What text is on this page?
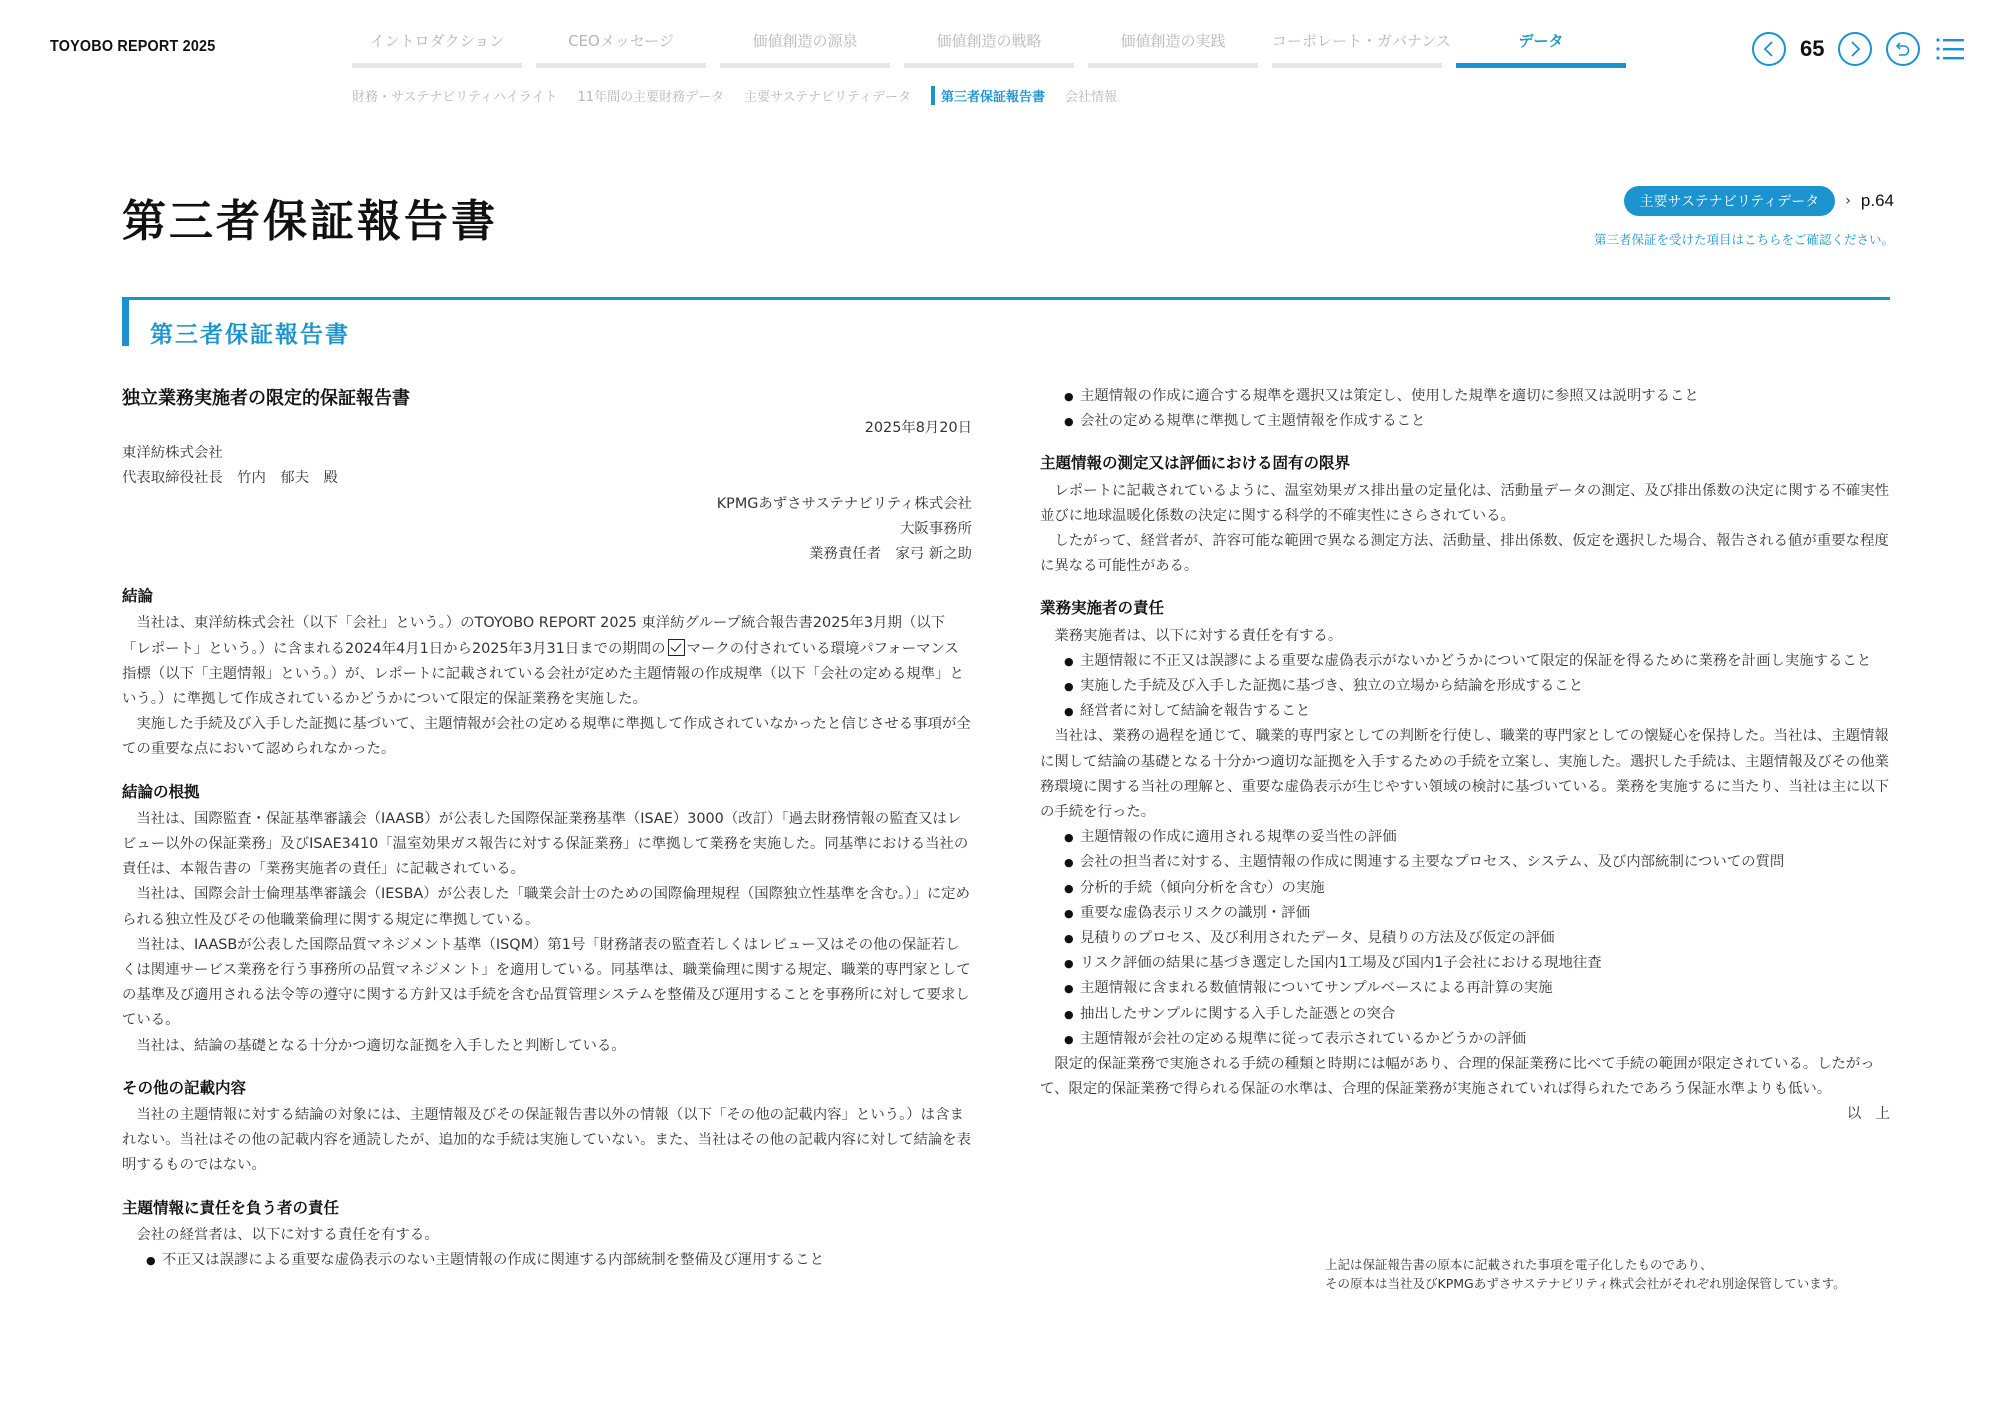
TOYOBO REPORT 2025	イントロダクション	CEOメッセージ	価値創造の源泉	価値創造の戦略	価値創造の実践	コーポレート・ガバナンス	データ
財務・サステナビリティハイライト 11年間の主要財務データ 主要サステナビリティデータ	第三者保証報告書 会社情報
65
第三者保証報告書	主要サステナビリティデータ	› p.64
第三者保証を受けた項目はこちらをご確認ください。
第三者保証報告書
独立業務実施者の限定的保証報告書
2025年8月20日
東洋紡株式会社
代表取締役社長　竹内　郁夫　殿
KPMGあずさサステナビリティ株式会社
大阪事務所
業務責任者　家弓 新之助
結論
当社は、東洋紡株式会社（以下「会社」という。）のTOYOBO REPORT 2025 東洋紡グループ統合報告書2025年3月期（以下「レポート」という。）に含まれる2024年4月1日から2025年3月31日までの期間の マークの付されている環境パフォーマンス指標（以下「主題情報」という。）が、レポートに記載されている会社が定めた主題情報の作成規準（以下「会社の定める規準」という。）に準拠して作成されているかどうかについて限定的保証業務を実施した。
実施した手続及び入手した証拠に基づいて、主題情報が会社の定める規準に準拠して作成されていなかったと信じさせる事項が全ての重要な点において認められなかった。
結論の根拠
当社は、国際監査・保証基準審議会（IAASB）が公表した国際保証業務基準（ISAE）3000（改訂）「過去財務情報の監査又はレビュー以外の保証業務」及びISAE3410「温室効果ガス報告に対する保証業務」に準拠して業務を実施した。同基準における当社の責任は、本報告書の「業務実施者の責任」に記載されている。
当社は、国際会計士倫理基準審議会（IESBA）が公表した「職業会計士のための国際倫理規程（国際独立性基準を含む。）」に定められる独立性及びその他職業倫理に関する規定に準拠している。
当社は、IAASBが公表した国際品質マネジメント基準（ISQM）第1号「財務諸表の監査若しくはレビュー又はその他の保証若しくは関連サービス業務を行う事務所の品質マネジメント」を適用している。同基準は、職業倫理に関する規定、職業的専門家としての基準及び適用される法令等の遵守に関する方針又は手続を含む品質管理システムを整備及び運用することを事務所に対して要求している。
当社は、結論の基礎となる十分かつ適切な証拠を入手したと判断している。
その他の記載内容
当社の主題情報に対する結論の対象には、主題情報及びその保証報告書以外の情報（以下「その他の記載内容」という。）は含まれない。当社はその他の記載内容を通読したが、追加的な手続は実施していない。また、当社はその他の記載内容に対して結論を表明するものではない。
主題情報に責任を負う者の責任
会社の経営者は、以下に対する責任を有する。
● 不正又は誤謬による重要な虚偽表示のない主題情報の作成に関連する内部統制を整備及び運用すること
● 主題情報の作成に適合する規準を選択又は策定し、使用した規準を適切に参照又は説明すること
● 会社の定める規準に準拠して主題情報を作成すること
主題情報の測定又は評価における固有の限界
レポートに記載されているように、温室効果ガス排出量の定量化は、活動量データの測定、及び排出係数の決定に関する不確実性並びに地球温暖化係数の決定に関する科学的不確実性にさらされている。
したがって、経営者が、許容可能な範囲で異なる測定方法、活動量、排出係数、仮定を選択した場合、報告される値が重要な程度に異なる可能性がある。
業務実施者の責任
業務実施者は、以下に対する責任を有する。
● 主題情報に不正又は誤謬による重要な虚偽表示がないかどうかについて限定的保証を得るために業務を計画し実施すること
● 実施した手続及び入手した証拠に基づき、独立の立場から結論を形成すること
● 経営者に対して結論を報告すること
当社は、業務の過程を通じて、職業的専門家としての判断を行使し、職業的専門家としての懐疑心を保持した。当社は、主題情報に関して結論の基礎となる十分かつ適切な証拠を入手するための手続を立案し、実施した。選択した手続は、主題情報及びその他業務環境に関する当社の理解と、重要な虚偽表示が生じやすい領域の検討に基づいている。業務を実施するに当たり、当社は主に以下の手続を行った。
● 主題情報の作成に適用される規準の妥当性の評価
● 会社の担当者に対する、主題情報の作成に関連する主要なプロセス、システム、及び内部統制についての質問
● 分析的手続（傾向分析を含む）の実施
● 重要な虚偽表示リスクの識別・評価
● 見積りのプロセス、及び利用されたデータ、見積りの方法及び仮定の評価
● リスク評価の結果に基づき選定した国内1工場及び国内1子会社における現地往査
● 主題情報に含まれる数値情報についてサンプルベースによる再計算の実施
● 抽出したサンプルに関する入手した証憑との突合
● 主題情報が会社の定める規準に従って表示されているかどうかの評価
限定的保証業務で実施される手続の種類と時期には幅があり、合理的保証業務に比べて手続の範囲が限定されている。したがって、限定的保証業務で得られる保証の水準は、合理的保証業務が実施されていれば得られたであろう保証水準よりも低い。
以　上
上記は保証報告書の原本に記載された事項を電子化したものであり、
その原本は当社及びKPMGあずさサステナビリティ株式会社がそれぞれ別途保管しています。
